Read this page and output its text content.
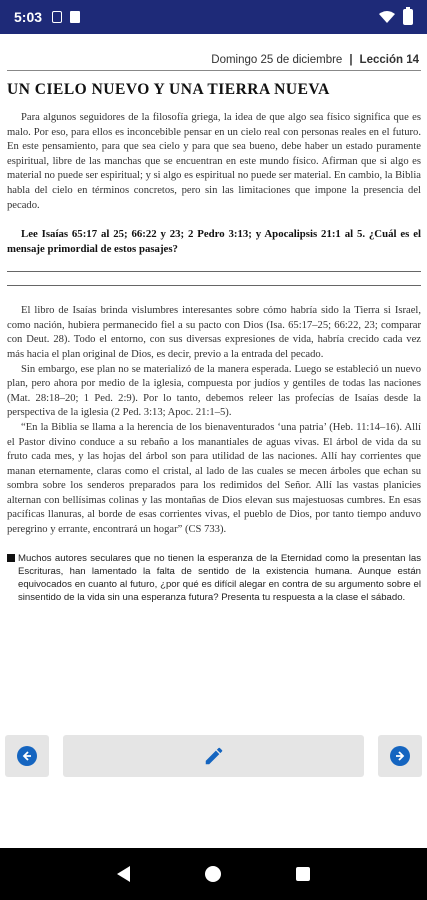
5:03
Domingo 25 de diciembre | Lección 14
UN CIELO NUEVO Y UNA TIERRA NUEVA

Para algunos seguidores de la filosofía griega, la idea de que algo sea físico significa que es malo. Por eso, para ellos es inconcebible pensar en un cielo real con personas reales en el futuro. En este pensamiento, para que sea cielo y para que sea bueno, debe haber un estado puramente espiritual, libre de las manchas que se encuentran en este mundo físico. Afirman que si algo es material no puede ser espiritual; y si algo es espiritual no puede ser material. En cambio, la Biblia habla del cielo en términos concretos, pero sin las limitaciones que impone la presencia del pecado.

Lee Isaías 65:17 al 25; 66:22 y 23; 2 Pedro 3:13; y Apocalipsis 21:1 al 5. ¿Cuál es el mensaje primordial de estos pasajes?

El libro de Isaías brinda vislumbres interesantes sobre cómo habría sido la Tierra si Israel, como nación, hubiera permanecido fiel a su pacto con Dios (Isa. 65:17–25; 66:22, 23; comparar con Deut. 28). Todo el entorno, con sus diversas expresiones de vida, habría crecido cada vez más hacia el plan original de Dios, es decir, previo a la entrada del pecado.

Sin embargo, ese plan no se materializó de la manera esperada. Luego se estableció un nuevo plan, pero ahora por medio de la iglesia, compuesta por judíos y gentiles de todas las naciones (Mat. 28:18–20; 1 Ped. 2:9). Por lo tanto, debemos releer las profecías de Isaías desde la perspectiva de la iglesia (2 Ped. 3:13; Apoc. 21:1–5).

“En la Biblia se llama a la herencia de los bienaventurados ‘una patria’ (Heb. 11:14–16). Allí el Pastor divino conduce a su rebaño a los manantiales de aguas vivas. El árbol de vida da su fruto cada mes, y las hojas del árbol son para utilidad de las naciones. Allí hay corrientes que manan eternamente, claras como el cristal, al lado de las cuales se mecen árboles que echan su sombra sobre los senderos preparados para los redimidos del Señor. Allí las vastas planicies alternan con bellísimas colinas y las montañas de Dios elevan sus majestuosas cumbres. En esas pacíficas llanuras, al borde de esas corrientes vivas, el pueblo de Dios, por tanto tiempo anduvo peregrino y errante, encontrará un hogar” (CS 733).

Muchos autores seculares que no tienen la esperanza de la Eternidad como la presentan las Escrituras, han lamentado la falta de sentido de la existencia humana. Aunque están equivocados en cuanto al futuro, ¿por qué es difícil alegar en contra de su argumento sobre el sinsentido de la vida sin una esperanza futura? Presenta tu respuesta a la clase el sábado.
